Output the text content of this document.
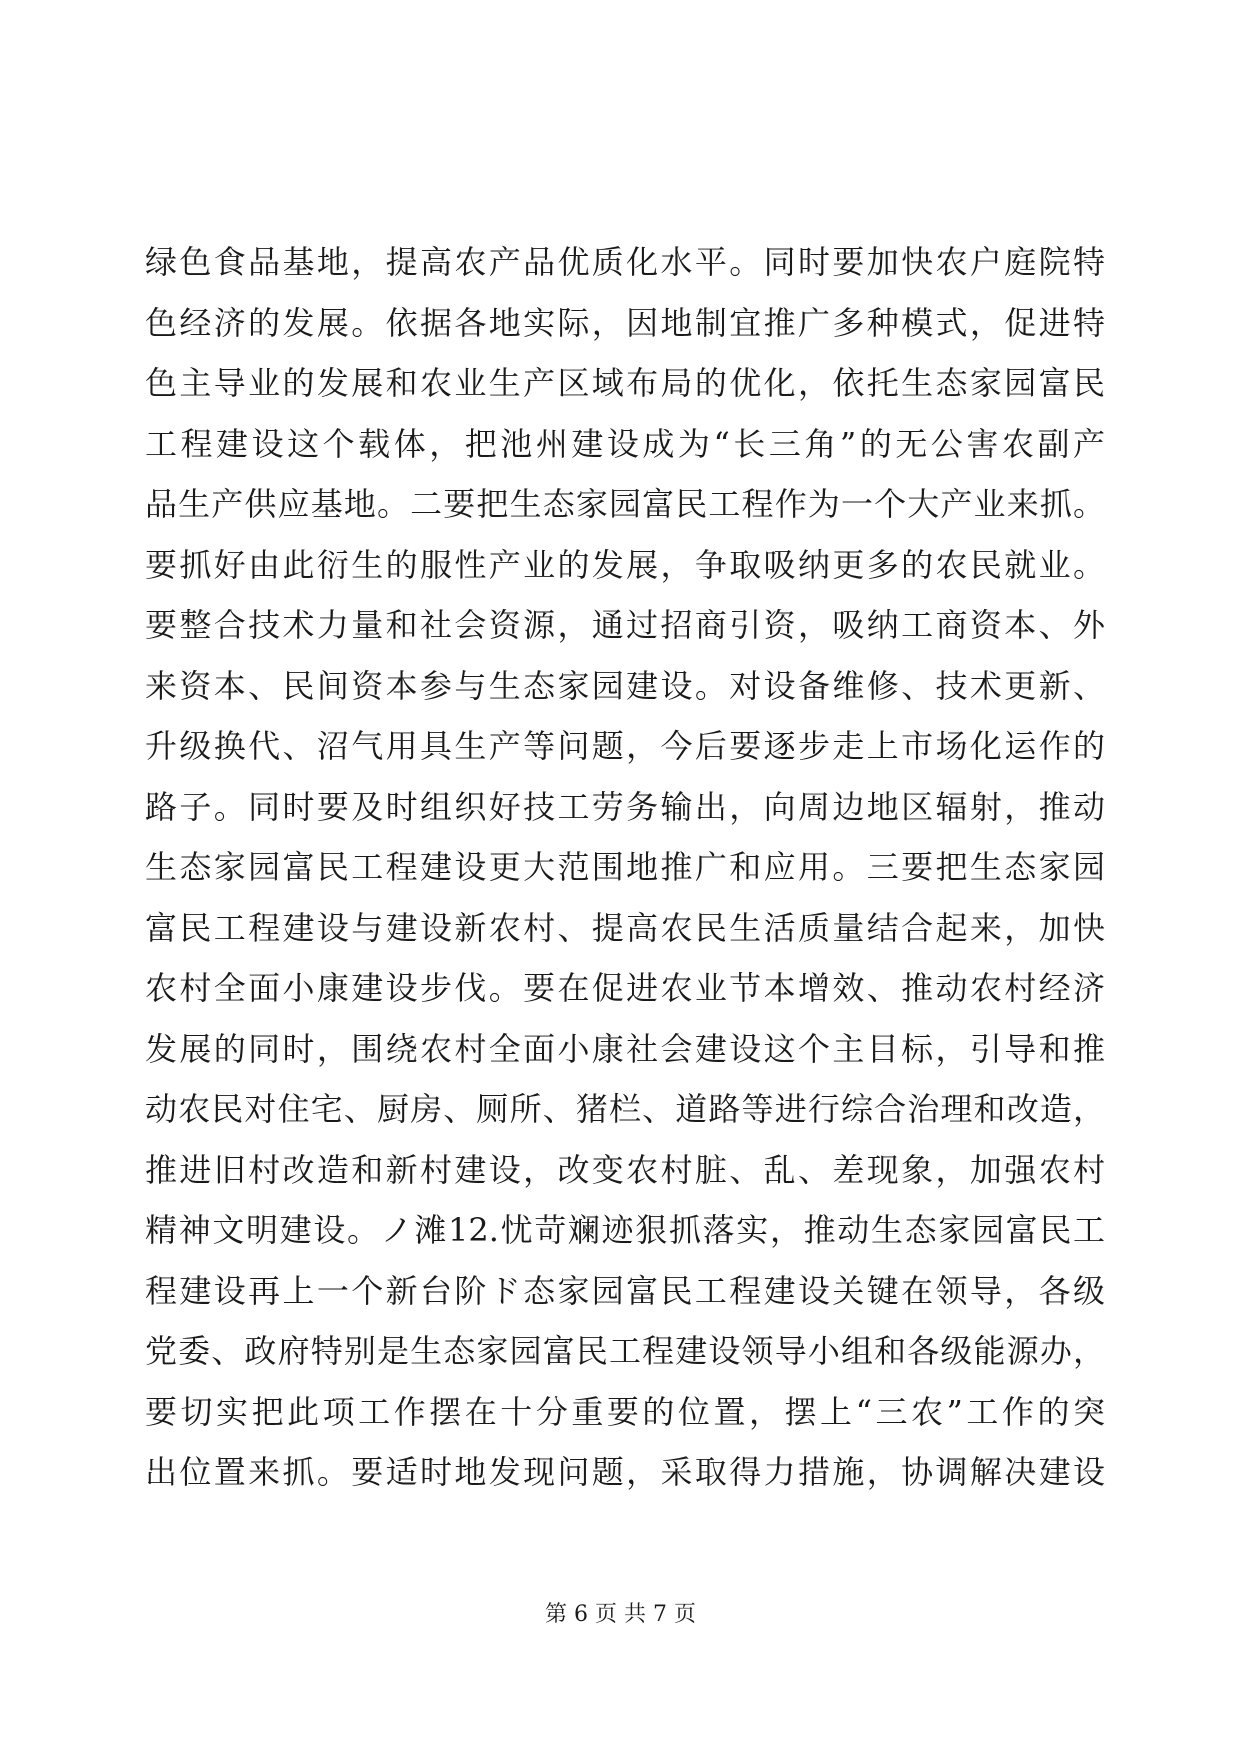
绿色食品基地，提高农产品优质化水平。同时要加快农户庭院特
色经济的发展。依据各地实际，因地制宜推广多种模式，促进特
色主导业的发展和农业生产区域布局的优化，依托生态家园富民
工程建设这个载体，把池州建设成为“长三角”的无公害农副产
品生产供应基地。二要把生态家园富民工程作为一个大产业来抓。
要抓好由此衍生的服性产业的发展，争取吸纳更多的农民就业。
要整合技术力量和社会资源，通过招商引资，吸纳工商资本、外
来资本、民间资本参与生态家园建设。对设备维修、技术更新、
升级换代、沼气用具生产等问题，今后要逐步走上市场化运作的
路子。同时要及时组织好技工劳务输出，向周边地区辐射，推动
生态家园富民工程建设更大范围地推广和应用。三要把生态家园
富民工程建设与建设新农村、提高农民生活质量结合起来，加快
农村全面小康建设步伐。要在促进农业节本增效、推动农村经济
发展的同时，围绕农村全面小康社会建设这个主目标，引导和推
动农民对住宅、厨房、厕所、猪栏、道路等进行综合治理和改造，
推进旧村改造和新村建设，改变农村脏、乱、差现象，加强农村
精神文明建设。ノ滩12.忧苛斓迹狠抓落实，推动生态家园富民工
程建设再上一个新台阶ド态家园富民工程建设关键在领导，各级
党委、政府特别是生态家园富民工程建设领导小组和各级能源办，
要切实把此项工作摆在十分重要的位置，摆上“三农”工作的突
出位置来抓。要适时地发现问题，采取得力措施，协调解决建设
第 6 页 共 7 页
